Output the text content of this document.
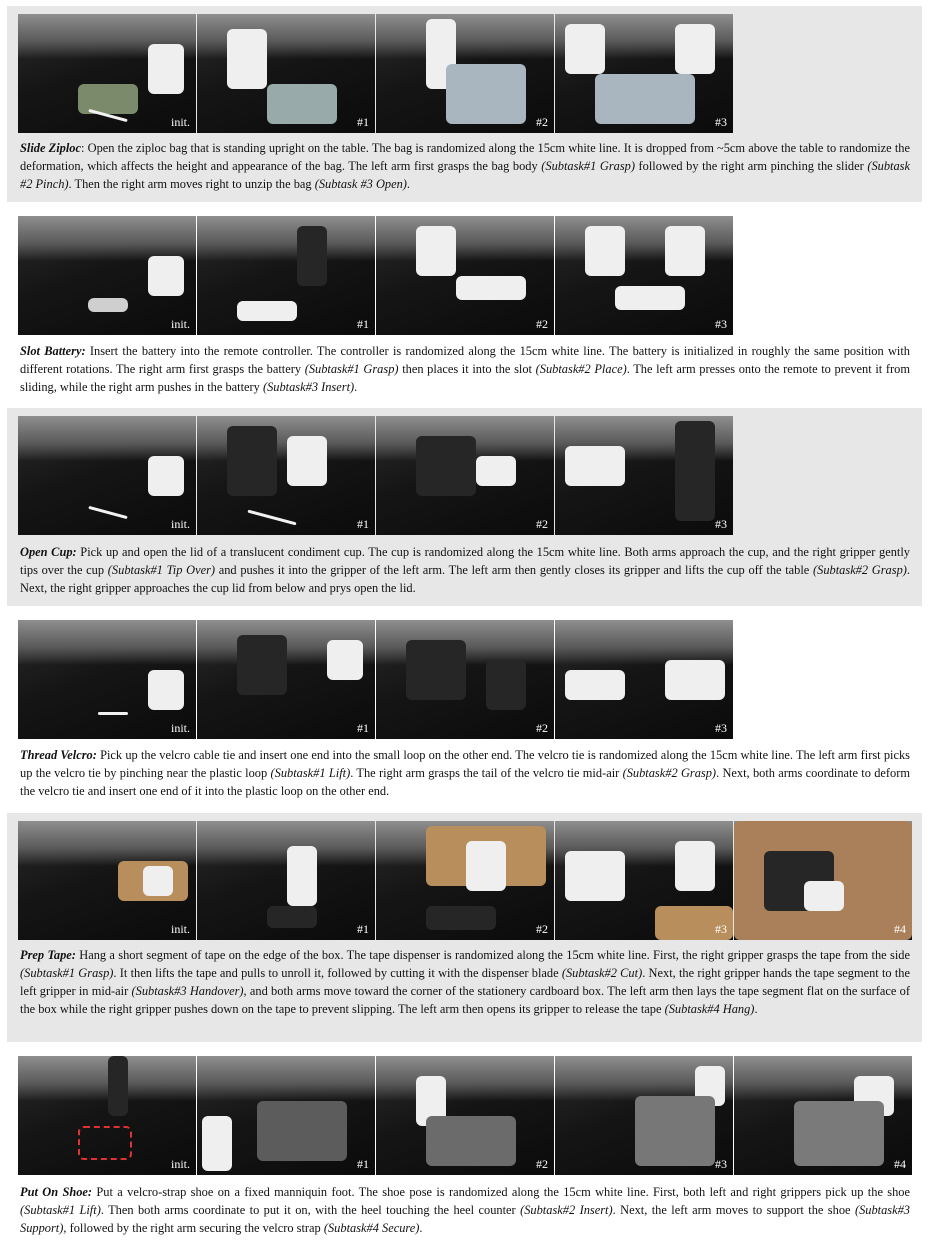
init.	#1	#2	#3
Slide Ziploc: Open the ziploc bag that is standing upright on the table. The bag is randomized along the 15cm white line. It is dropped from ~5cm above the table to randomize the deformation, which affects the height and appearance of the bag. The left arm first grasps the bag body (Subtask#1 Grasp) followed by the right arm pinching the slider (Subtask #2 Pinch). Then the right arm moves right to unzip the bag (Subtask #3 Open).
init.	#1	#2	#3
Slot Battery: Insert the battery into the remote controller. The controller is randomized along the 15cm white line. The battery is initialized in roughly the same position with different rotations. The right arm first grasps the battery (Subtask#1 Grasp) then places it into the slot (Subtask#2 Place). The left arm presses onto the remote to prevent it from sliding, while the right arm pushes in the battery (Subtask#3 Insert).
init.	#1	#2	#3
Open Cup: Pick up and open the lid of a translucent condiment cup. The cup is randomized along the 15cm white line. Both arms approach the cup, and the right gripper gently tips over the cup (Subtask#1 Tip Over) and pushes it into the gripper of the left arm. The left arm then gently closes its gripper and lifts the cup off the table (Subtask#2 Grasp). Next, the right gripper approaches the cup lid from below and prys open the lid.
init.	#1	#2	#3
Thread Velcro: Pick up the velcro cable tie and insert one end into the small loop on the other end. The velcro tie is randomized along the 15cm white line. The left arm first picks up the velcro tie by pinching near the plastic loop (Subtask#1 Lift). The right arm grasps the tail of the velcro tie mid-air (Subtask#2 Grasp). Next, both arms coordinate to deform the velcro tie and insert one end of it into the plastic loop on the other end.
init.	#1	#2	#3	#4
Prep Tape: Hang a short segment of tape on the edge of the box. The tape dispenser is randomized along the 15cm white line. First, the right gripper grasps the tape from the side (Subtask#1 Grasp). It then lifts the tape and pulls to unroll it, followed by cutting it with the dispenser blade (Subtask#2 Cut). Next, the right gripper hands the tape segment to the left gripper in mid-air (Subtask#3 Handover), and both arms move toward the corner of the stationery cardboard box. The left arm then lays the tape segment flat on the surface of the box while the right gripper pushes down on the tape to prevent slipping. The left arm then opens its gripper to release the tape (Subtask#4 Hang).
init.	#1	#2	#3	#4
Put On Shoe: Put a velcro-strap shoe on a fixed manniquin foot. The shoe pose is randomized along the 15cm white line. First, both left and right grippers pick up the shoe (Subtask#1 Lift). Then both arms coordinate to put it on, with the heel touching the heel counter (Subtask#2 Insert). Next, the left arm moves to support the shoe (Subtask#3 Support), followed by the right arm securing the velcro strap (Subtask#4 Secure).
